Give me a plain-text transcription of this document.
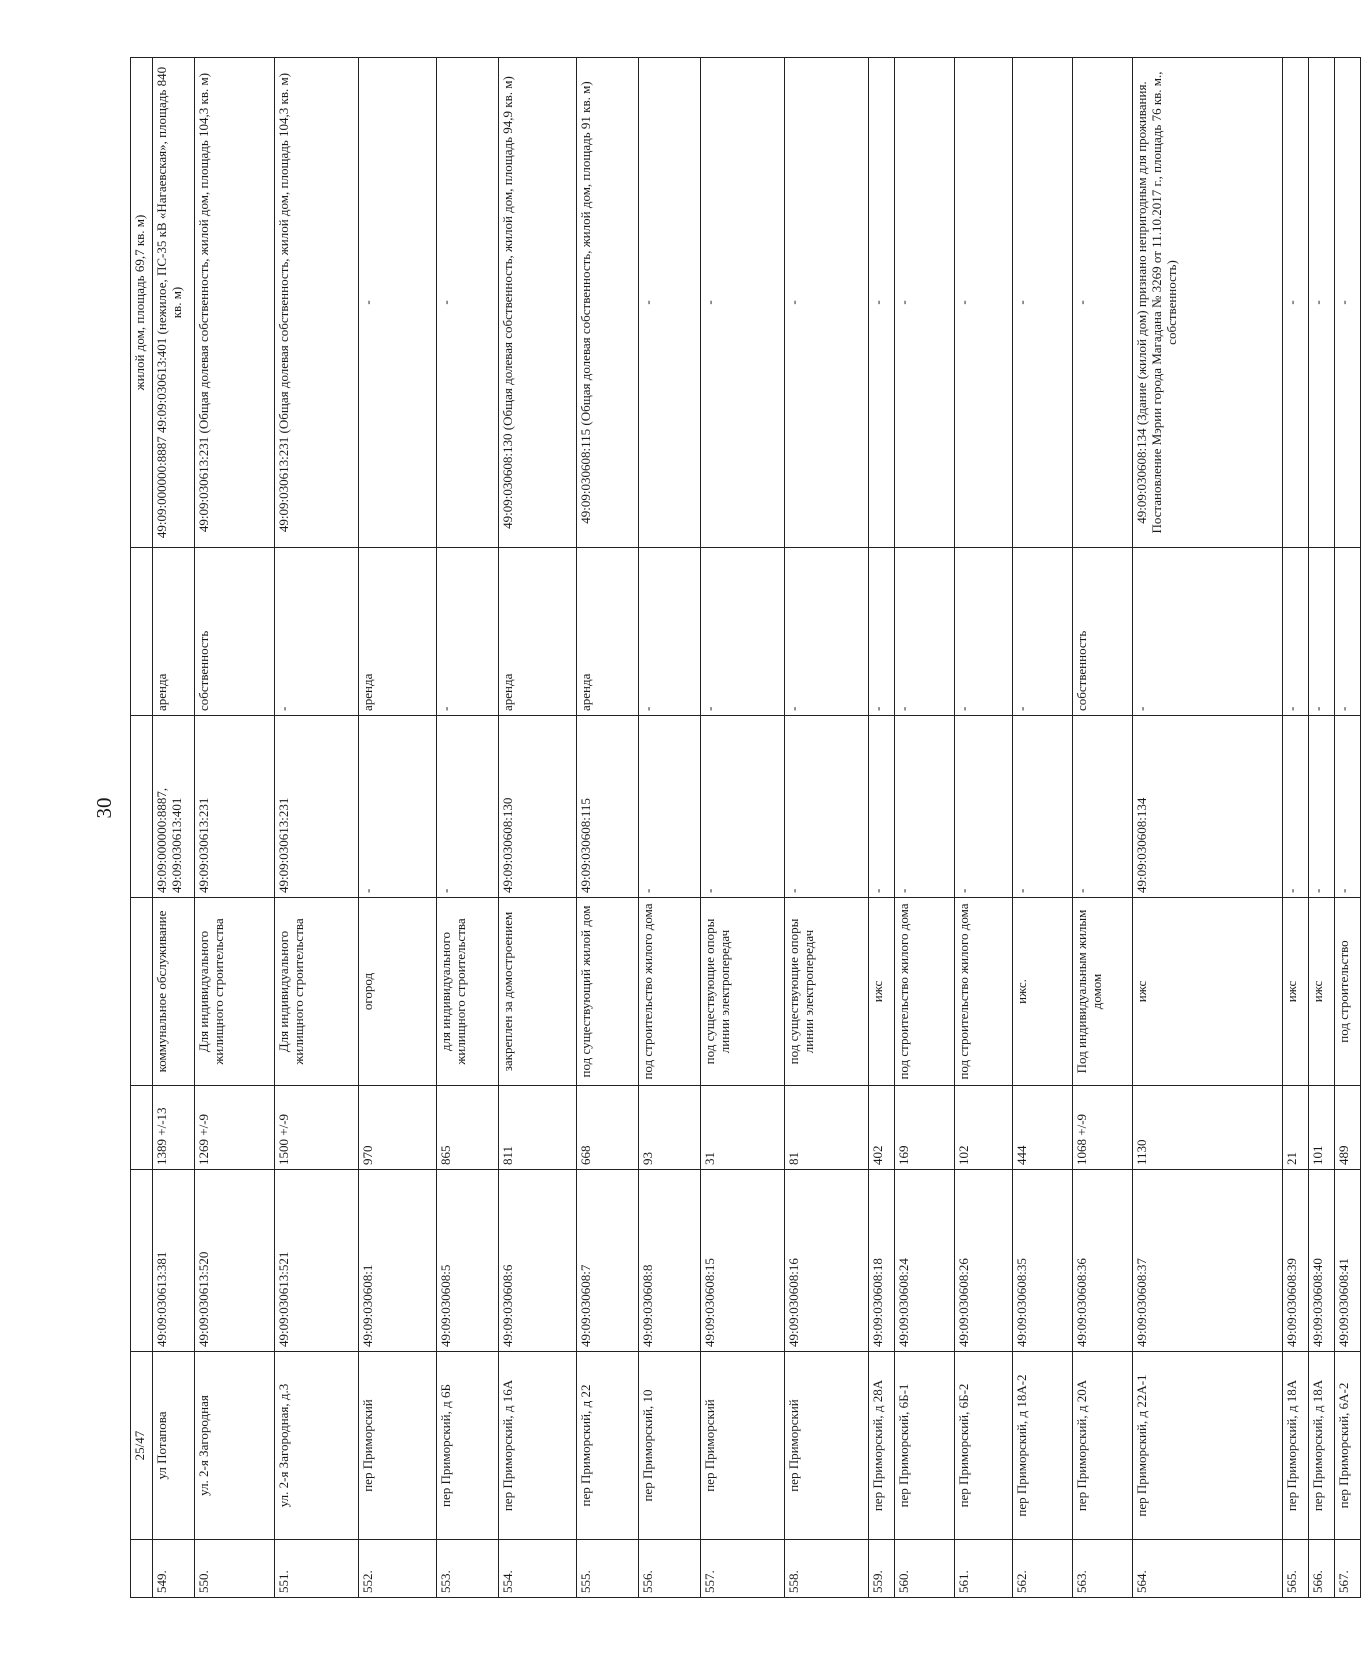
30
	25/47						жилой дом, площадь 69,7 кв. м)
549.	ул Потапова	49:09:030613:381	1389 +/-13	коммунальное обслуживание	49:09:000000:8887, 49:09:030613:401	аренда	49:09:000000:8887 49:09:030613:401 (нежилое, ПС-35 кВ «Нагаевская», площадь 840 кв. м)
550.	ул. 2-я Загородная	49:09:030613:520	1269 +/-9	Для индивидуального жилищного строительства	49:09:030613:231	собственность	49:09:030613:231 (Общая долевая собственность, жилой дом, площадь 104,3 кв. м)
551.	ул. 2-я Загородная, д.3	49:09:030613:521	1500 +/-9	Для индивидуального жилищного строительства	49:09:030613:231	-	49:09:030613:231 (Общая долевая собственность, жилой дом, площадь 104,3 кв. м)
552.	пер Приморский	49:09:030608:1	970	огород	-	аренда	-
553.	пер Приморский, д 6Б	49:09:030608:5	865	для индивидуального жилищного строительства	-	-	-
554.	пер Приморский, д 16А	49:09:030608:6	811	закреплен за домостроением	49:09:030608:130	аренда	49:09:030608:130 (Общая долевая собственность, жилой дом, площадь 94,9 кв. м)
555.	пер Приморский, д 22	49:09:030608:7	668	под существующий жилой дом	49:09:030608:115	аренда	49:09:030608:115 (Общая долевая собственность, жилой дом, площадь 91 кв. м)
556.	пер Приморский, 10	49:09:030608:8	93	под строительство жилого дома	-	-	-
557.	пер Приморский	49:09:030608:15	31	под существующие опоры линии электропередач	-	-	-
558.	пер Приморский	49:09:030608:16	81	под существующие опоры линии электропередач	-	-	-
559.	пер Приморский, д 28А	49:09:030608:18	402	ижс	-	-	-
560.	пер Приморский, 6Б-1	49:09:030608:24	169	под строительство жилого дома	-	-	-
561.	пер Приморский, 6Б-2	49:09:030608:26	102	под строительство жилого дома	-	-	-
562.	пер Приморский, д 18А-2	49:09:030608:35	444	ижс.	-	-	-
563.	пер Приморский, д 20А	49:09:030608:36	1068 +/-9	Под индивидуальным жилым домом	-	собственность	-
564.	пер Приморский, д 22А-1	49:09:030608:37	1130	ижс	49:09:030608:134	-	49:09:030608:134 (Здание (жилой дом) признано непригодным для проживания. Постановление Мэрии города Магадана № 3269 от 11.10.2017 г., площадь 76 кв. м., собственность)
565.	пер Приморский, д 18А	49:09:030608:39	21	ижс	-	-	-
566.	пер Приморский, д 18А	49:09:030608:40	101	ижс	-	-	-
567.	пер Приморский, 6А-2	49:09:030608:41	489	под строительство	-	-	-
